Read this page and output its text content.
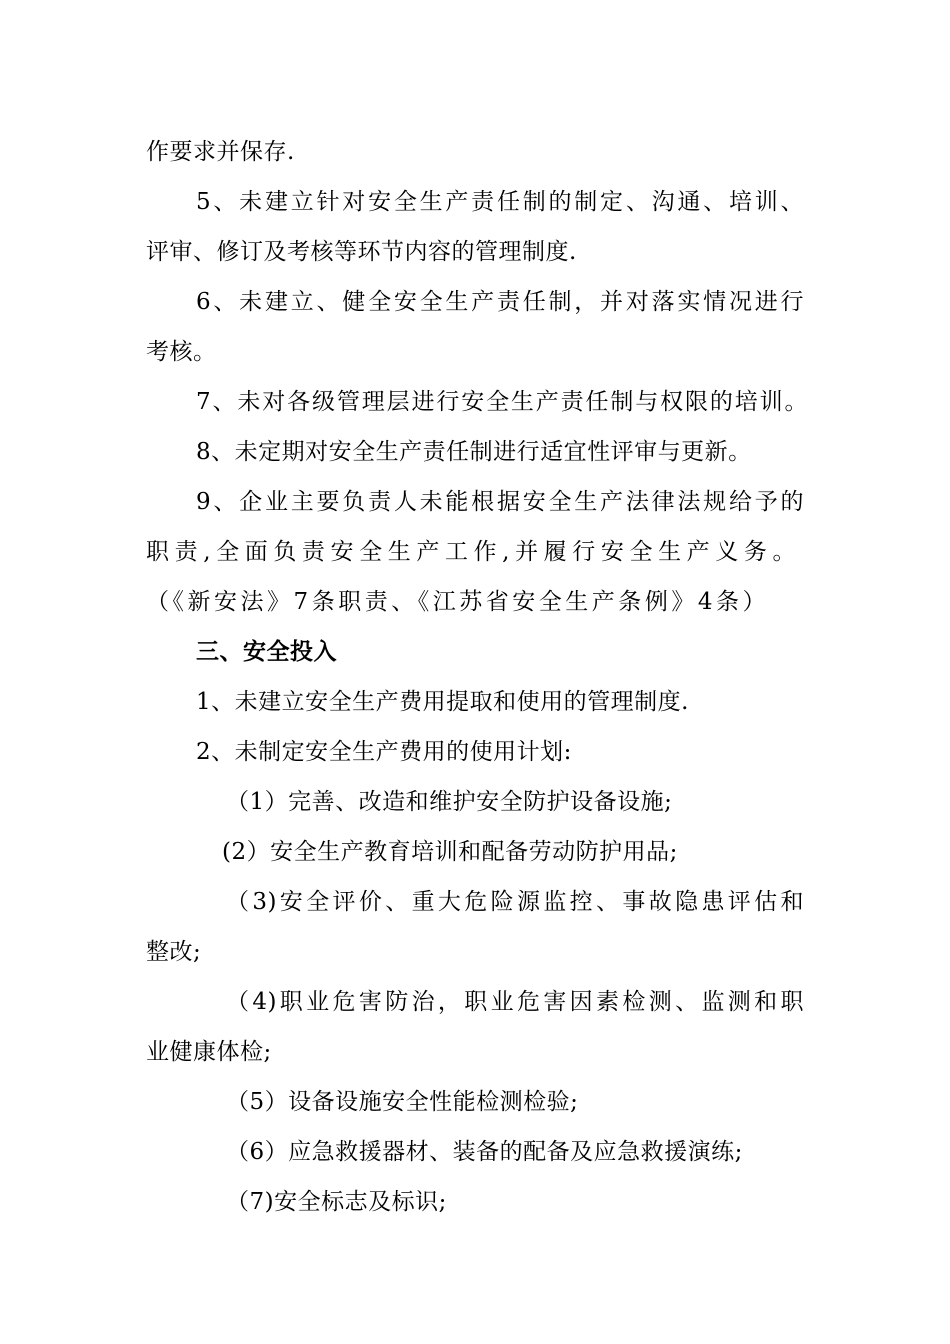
作要求并保存.
5、未建立针对安全生产责任制的制定、沟通、培训、
评审、修订及考核等环节内容的管理制度.
6、未建立、健全安全生产责任制，并对落实情况进行
考核。
7、未对各级管理层进行安全生产责任制与权限的培训。
8、未定期对安全生产责任制进行适宜性评审与更新。
9、企业主要负责人未能根据安全生产法律法规给予的
职责,全面负责安全生产工作,并履行安全生产义务。
（《新安法》7条职责、《江苏省安全生产条例》4条）
三、安全投入
1、未建立安全生产费用提取和使用的管理制度.
2、未制定安全生产费用的使用计划:
（1）完善、改造和维护安全防护设备设施;
(2）安全生产教育培训和配备劳动防护用品;
（3)安全评价、重大危险源监控、事故隐患评估和
整改;
（4)职业危害防治，职业危害因素检测、监测和职
业健康体检;
（5）设备设施安全性能检测检验;
（6）应急救援器材、装备的配备及应急救援演练;
（7)安全标志及标识;
